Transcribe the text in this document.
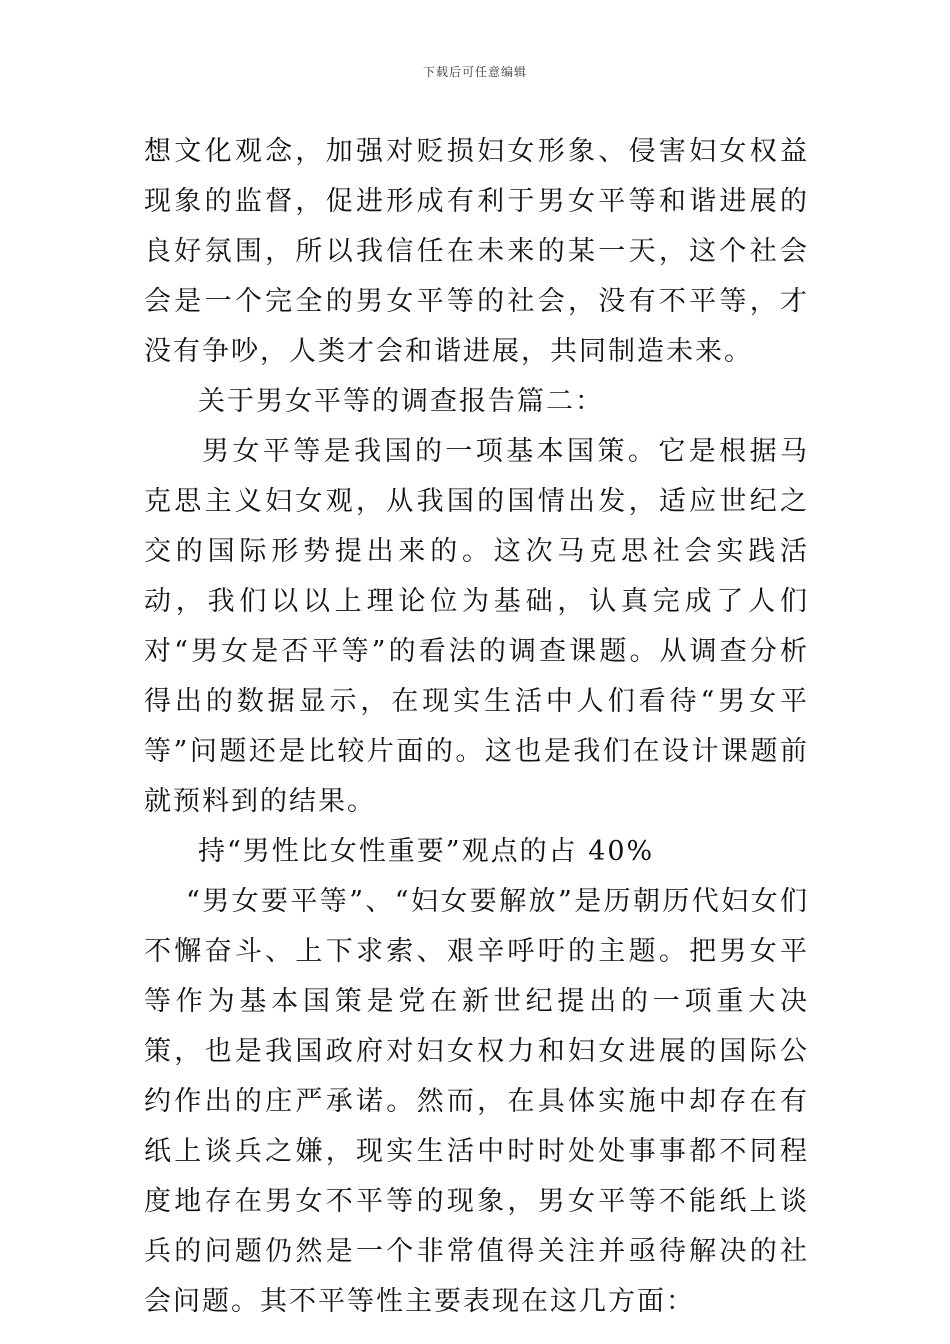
下载后可任意编辑

想文化观念，加强对贬损妇女形象、侵害妇女权益现象的监督，促进形成有利于男女平等和谐进展的良好氛围，所以我信任在未来的某一天，这个社会会是一个完全的男女平等的社会，没有不平等，才没有争吵，人类才会和谐进展，共同制造未来。

关于男女平等的调查报告篇二：

男女平等是我国的一项基本国策。它是根据马克思主义妇女观，从我国的国情出发，适应世纪之交的国际形势提出来的。这次马克思社会实践活动，我们以以上理论位为基础，认真完成了人们对“男女是否平等”的看法的调查课题。从调查分析得出的数据显示，在现实生活中人们看待“男女平等”问题还是比较片面的。这也是我们在设计课题前就预料到的结果。

持“男性比女性重要”观点的占 40%

“男女要平等”、“妇女要解放”是历朝历代妇女们不懈奋斗、上下求索、艰辛呼吁的主题。把男女平等作为基本国策是党在新世纪提出的一项重大决策，也是我国政府对妇女权力和妇女进展的国际公约作出的庄严承诺。然而，在具体实施中却存在有纸上谈兵之嫌，现实生活中时时处处事事都不同程度地存在男女不平等的现象，男女平等不能纸上谈兵的问题仍然是一个非常值得关注并亟待解决的社会问题。其不平等性主要表现在这几方面：
